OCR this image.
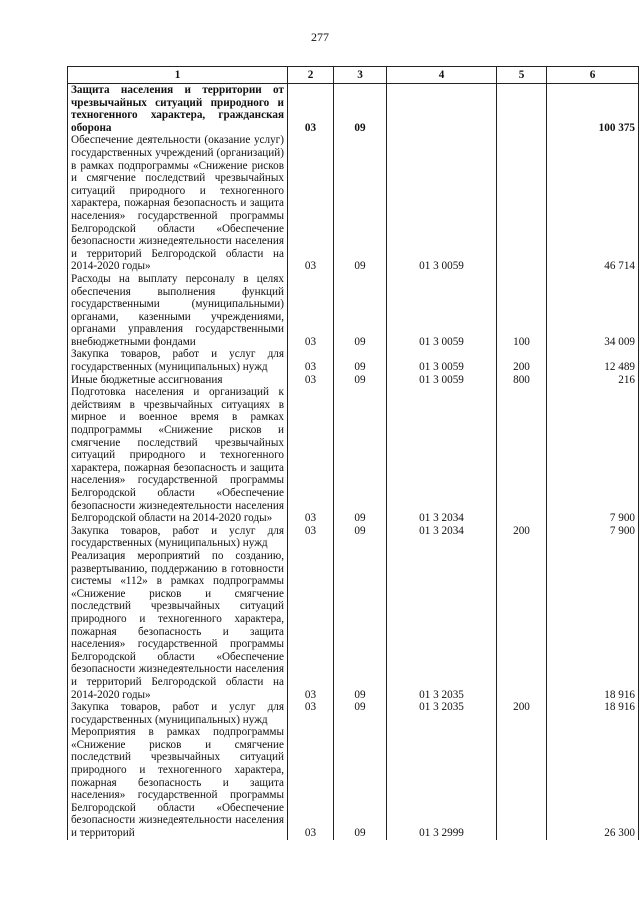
277
1	2	3	4	5	6
Защита населения и территории от чрезвычайных ситуаций природного и техногенного характера, гражданская оборона	03	09			100 375
Обеспечение деятельности (оказание услуг) государственных учреждений (организаций) в рамках подпрограммы «Снижение рисков и смягчение последствий чрезвычайных ситуаций природного и техногенного характера, пожарная безопасность и защита населения» государственной программы Белгородской области «Обеспечение безопасности жизнедеятельности населения и территорий Белгородской области на 2014-2020 годы»	03	09	01 3 0059		46 714
Расходы на выплату персоналу в целях обеспечения выполнения функций государственными (муниципальными) органами, казенными учреждениями, органами управления государственными внебюджетными фондами	03	09	01 3 0059	100	34 009
Закупка товаров, работ и услуг для государственных (муниципальных) нужд	03	09	01 3 0059	200	12 489
Иные бюджетные ассигнования	03	09	01 3 0059	800	216
Подготовка населения и организаций к действиям в чрезвычайных ситуациях в мирное и военное время в рамках подпрограммы «Снижение рисков и смягчение последствий чрезвычайных ситуаций природного и техногенного характера, пожарная безопасность и защита населения» государственной программы Белгородской области «Обеспечение безопасности жизнедеятельности населения Белгородской области на 2014-2020 годы»	03	09	01 3 2034		7 900
Закупка товаров, работ и услуг для государственных (муниципальных) нужд	03	09	01 3 2034	200	7 900
Реализация мероприятий по созданию, развертыванию, поддержанию в готовности системы «112» в рамках подпрограммы «Снижение рисков и смягчение последствий чрезвычайных ситуаций природного и техногенного характера, пожарная безопасность и защита населения» государственной программы Белгородской области «Обеспечение безопасности жизнедеятельности населения и территорий Белгородской области на 2014-2020 годы»	03	09	01 3 2035		18 916
Закупка товаров, работ и услуг для государственных (муниципальных) нужд	03	09	01 3 2035	200	18 916
Мероприятия в рамках подпрограммы «Снижение рисков и смягчение последствий чрезвычайных ситуаций природного и техногенного характера, пожарная безопасность и защита населения» государственной программы Белгородской области «Обеспечение безопасности жизнедеятельности населения и территорий	03	09	01 3 2999		26 300
